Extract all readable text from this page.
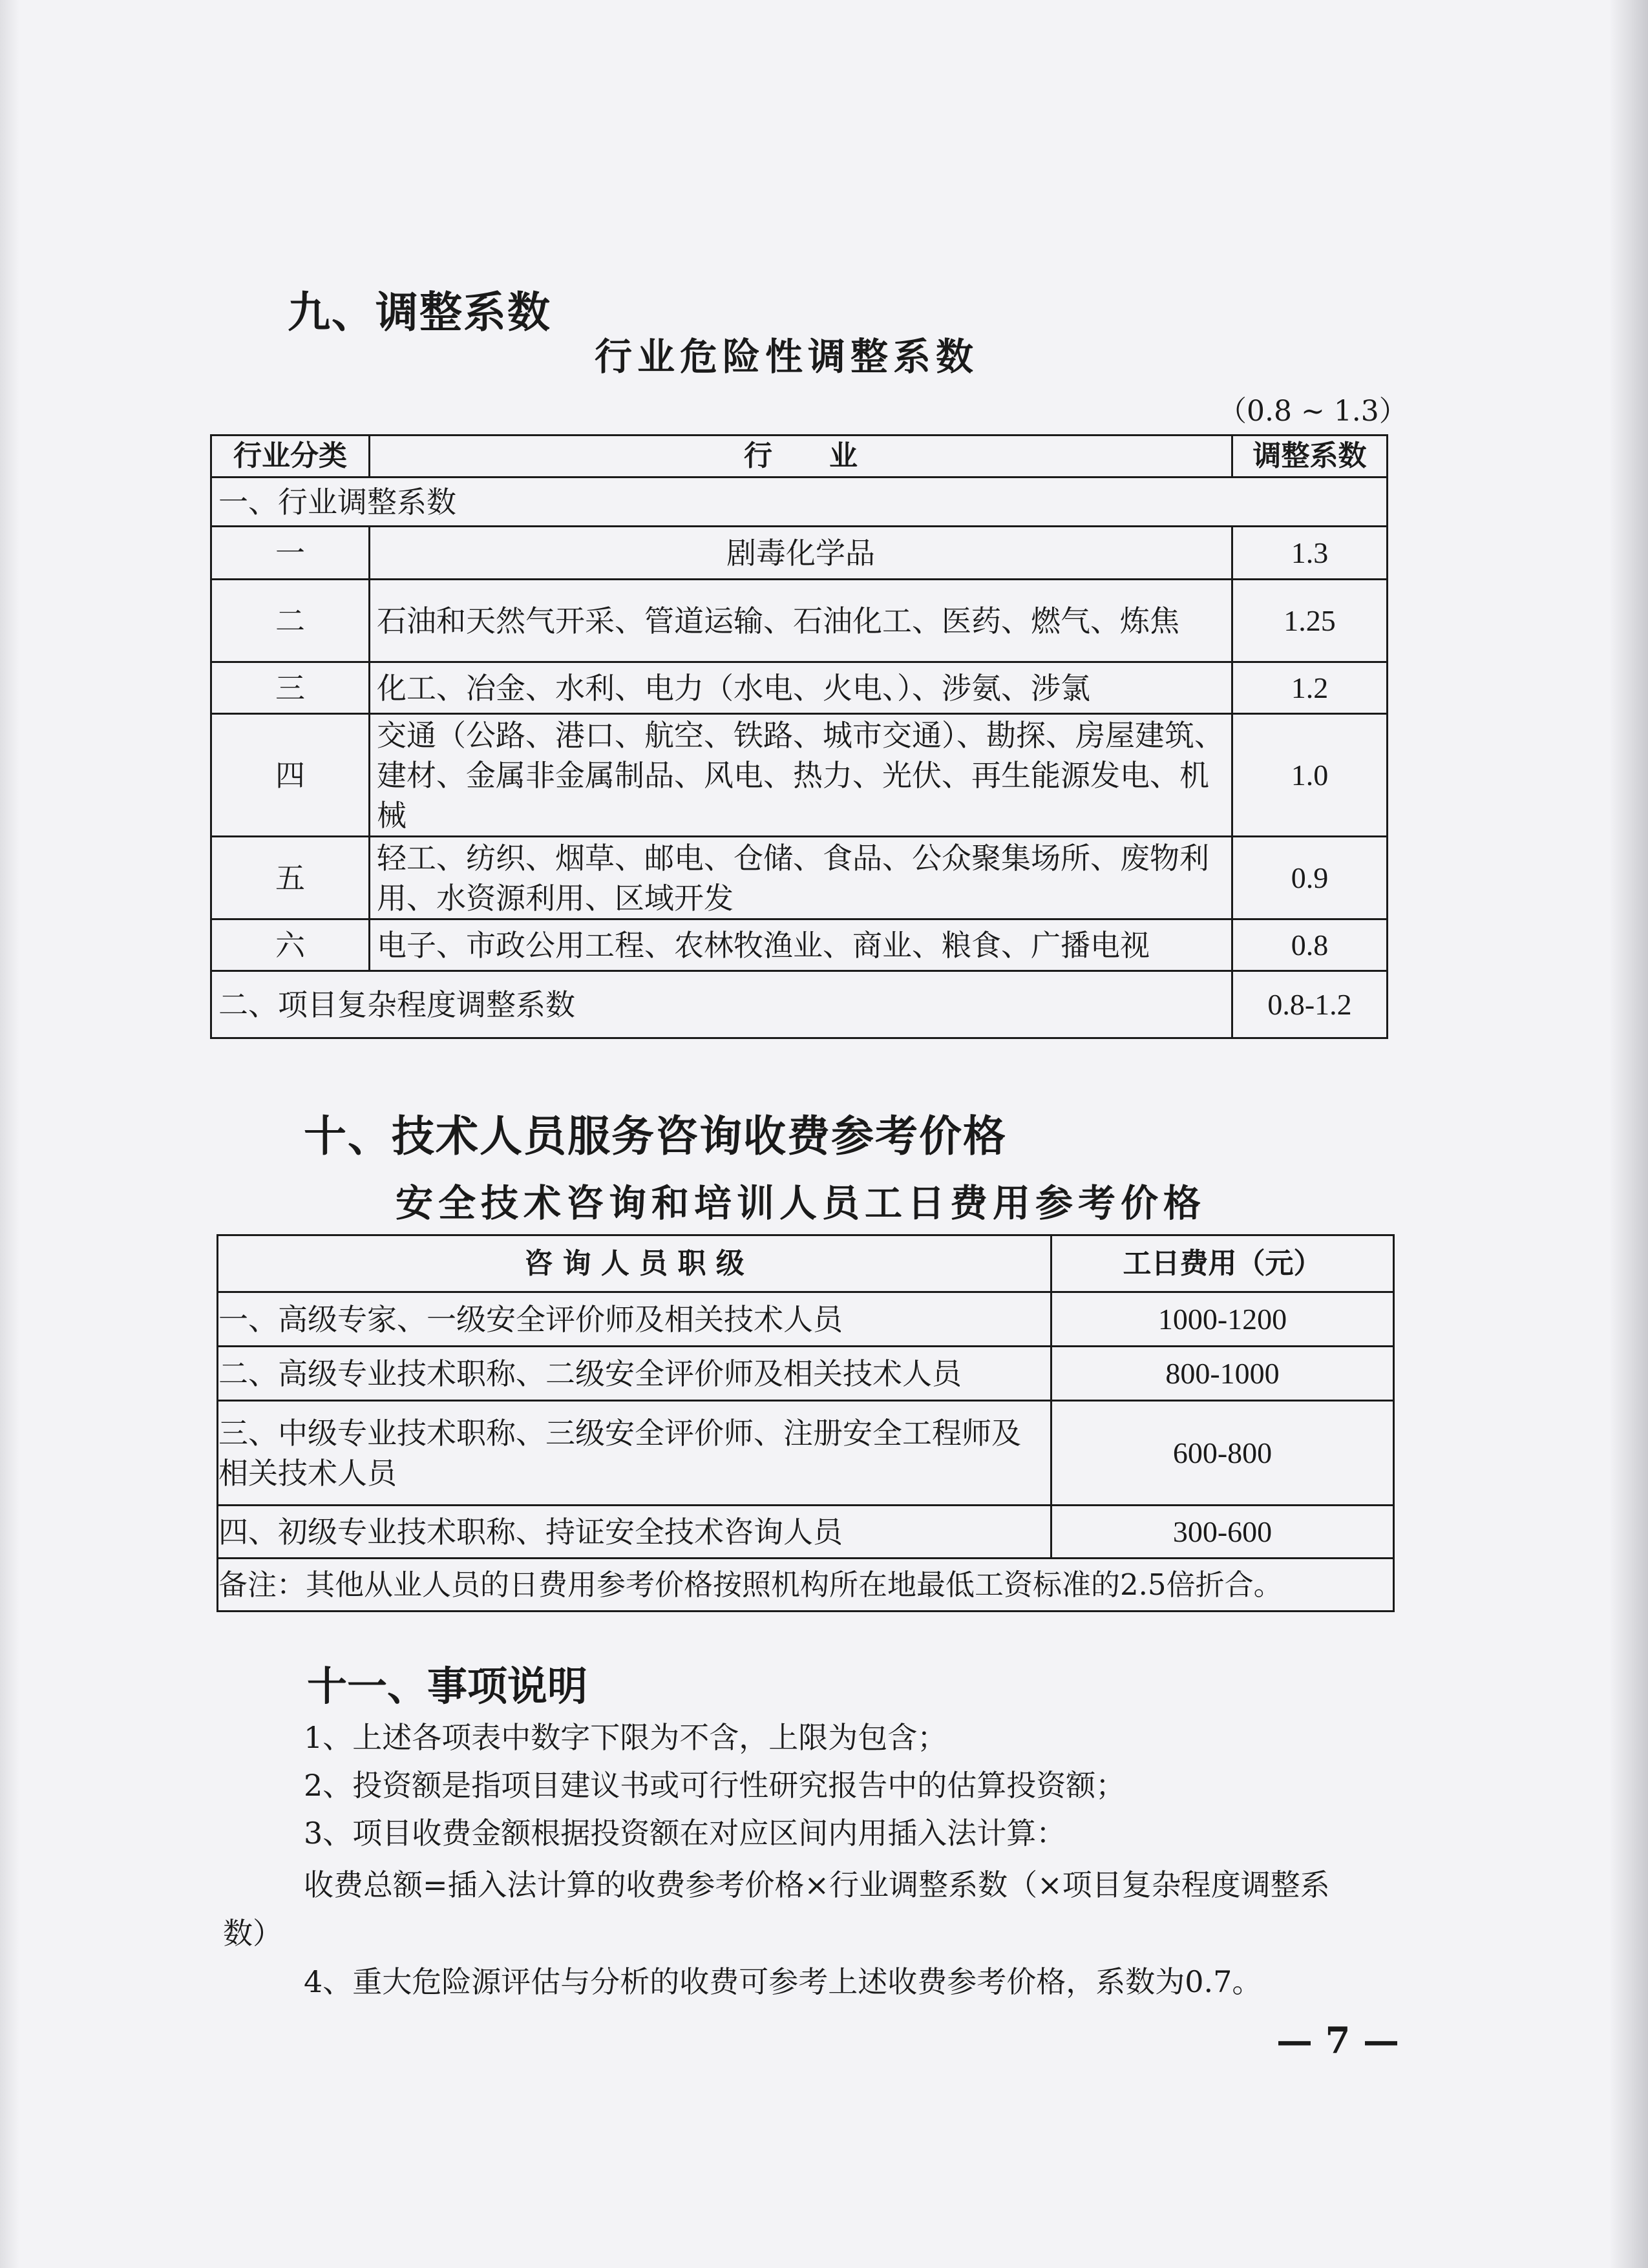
九、调整系数
行业危险性调整系数
（0.8 ~ 1.3）
行业分类	行　　业	调整系数
一、行业调整系数		
一	剧毒化学品	1.3
二	石油和天然气开采、管道运输、石油化工、医药、燃气、炼焦	1.25
三	化工、冶金、水利、电力（水电、火电、）、涉氨、涉氯	1.2
四	交通（公路、港口、航空、铁路、城市交通）、勘探、房屋建筑、建材、金属非金属制品、风电、热力、光伏、再生能源发电、机械	1.0
五	轻工、纺织、烟草、邮电、仓储、食品、公众聚集场所、废物利用、水资源利用、区域开发	0.9
六	电子、市政公用工程、农林牧渔业、商业、粮食、广播电视	0.8
二、项目复杂程度调整系数		0.8-1.2
十、技术人员服务咨询收费参考价格
安全技术咨询和培训人员工日费用参考价格
咨 询 人 员 职 级	工日费用（元）
一、高级专家、一级安全评价师及相关技术人员	1000-1200
二、高级专业技术职称、二级安全评价师及相关技术人员	800-1000
三、中级专业技术职称、三级安全评价师、注册安全工程师及相关技术人员	600-800
四、初级专业技术职称、持证安全技术咨询人员	300-600
备注：其他从业人员的日费用参考价格按照机构所在地最低工资标准的2.5倍折合。	
十一、事项说明
1、上述各项表中数字下限为不含，上限为包含；
2、投资额是指项目建议书或可行性研究报告中的估算投资额；
3、项目收费金额根据投资额在对应区间内用插入法计算：
收费总额=插入法计算的收费参考价格×行业调整系数（×项目复杂程度调整系
数）
4、重大危险源评估与分析的收费可参考上述收费参考价格，系数为0.7。
— 7 —
